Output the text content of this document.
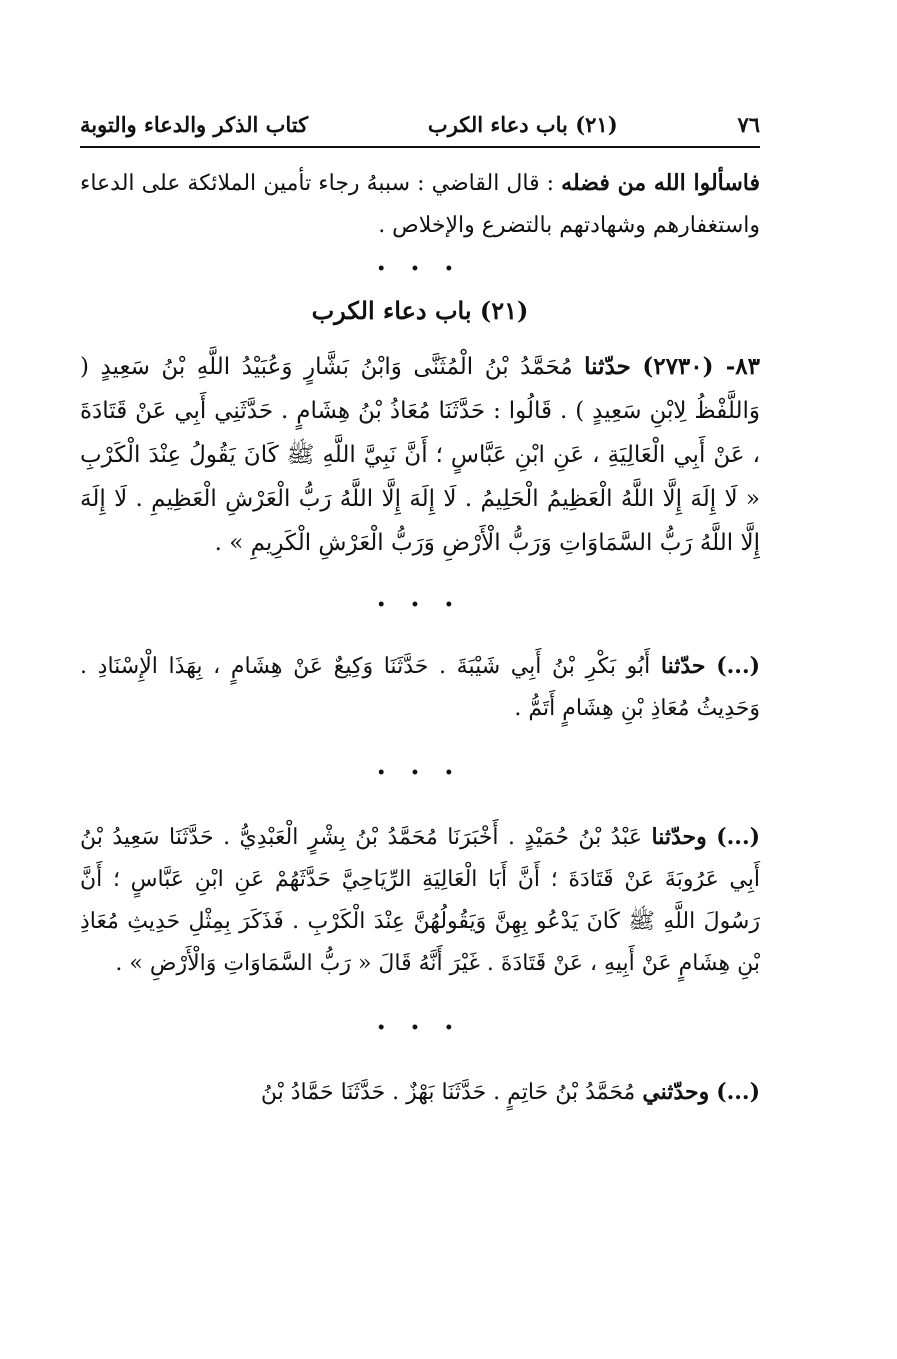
٧٦
(٢١) باب دعاء الكرب
كتاب الذكر والدعاء والتوبة

فاسألوا الله من فضله : قال القاضي : سببهُ رجاء تأمين الملائكة على الدعاء واستغفارهم وشهادتهم بالتضرع والإخلاص .

• • •
(٢١) باب دعاء الكرب

٨٣- (٢٧٣٠) حدّثنا مُحَمَّدُ بْنُ الْمُثَنَّى وَابْنُ بَشَّارٍ وَعُبَيْدُ اللَّهِ بْنُ سَعِيدٍ ( وَاللَّفْظُ لِابْنِ سَعِيدٍ ) . قَالُوا : حَدَّثَنَا مُعَاذُ بْنُ هِشَامٍ . حَدَّثَنِي أَبِي عَنْ قَتَادَةَ ، عَنْ أَبِي الْعَالِيَةِ ، عَنِ ابْنِ عَبَّاسٍ ؛ أَنَّ نَبِيَّ اللَّهِ ﷺ كَانَ يَقُولُ عِنْدَ الْكَرْبِ « لَا إِلَهَ إِلَّا اللَّهُ الْعَظِيمُ الْحَلِيمُ . لَا إِلَهَ إِلَّا اللَّهُ رَبُّ الْعَرْشِ الْعَظِيمِ . لَا إِلَهَ إِلَّا اللَّهُ رَبُّ السَّمَاوَاتِ وَرَبُّ الْأَرْضِ وَرَبُّ الْعَرْشِ الْكَرِيمِ » .

• • •

(...) حدّثنا أَبُو بَكْرِ بْنُ أَبِي شَيْبَةَ . حَدَّثَنَا وَكِيعٌ عَنْ هِشَامٍ ، بِهَذَا الْإِسْنَادِ . وَحَدِيثُ مُعَاذِ بْنِ هِشَامٍ أَتَمُّ .

• • •

(...) وحدّثنا عَبْدُ بْنُ حُمَيْدٍ . أَخْبَرَنَا مُحَمَّدُ بْنُ بِشْرٍ الْعَبْدِيُّ . حَدَّثَنَا سَعِيدُ بْنُ أَبِي عَرُوبَةَ عَنْ قَتَادَةَ ؛ أَنَّ أَبَا الْعَالِيَةِ الرِّيَاحِيَّ حَدَّثَهُمْ عَنِ ابْنِ عَبَّاسٍ ؛ أَنَّ رَسُولَ اللَّهِ ﷺ كَانَ يَدْعُو بِهِنَّ وَيَقُولُهُنَّ عِنْدَ الْكَرْبِ . فَذَكَرَ بِمِثْلِ حَدِيثِ مُعَاذِ بْنِ هِشَامٍ عَنْ أَبِيهِ ، عَنْ قَتَادَةَ . غَيْرَ أَنَّهُ قَالَ « رَبُّ السَّمَاوَاتِ وَالْأَرْضِ » .

• • •

(...) وحدّثني مُحَمَّدُ بْنُ حَاتِمٍ . حَدَّثَنَا بَهْزٌ . حَدَّثَنَا حَمَّادُ بْنُ
